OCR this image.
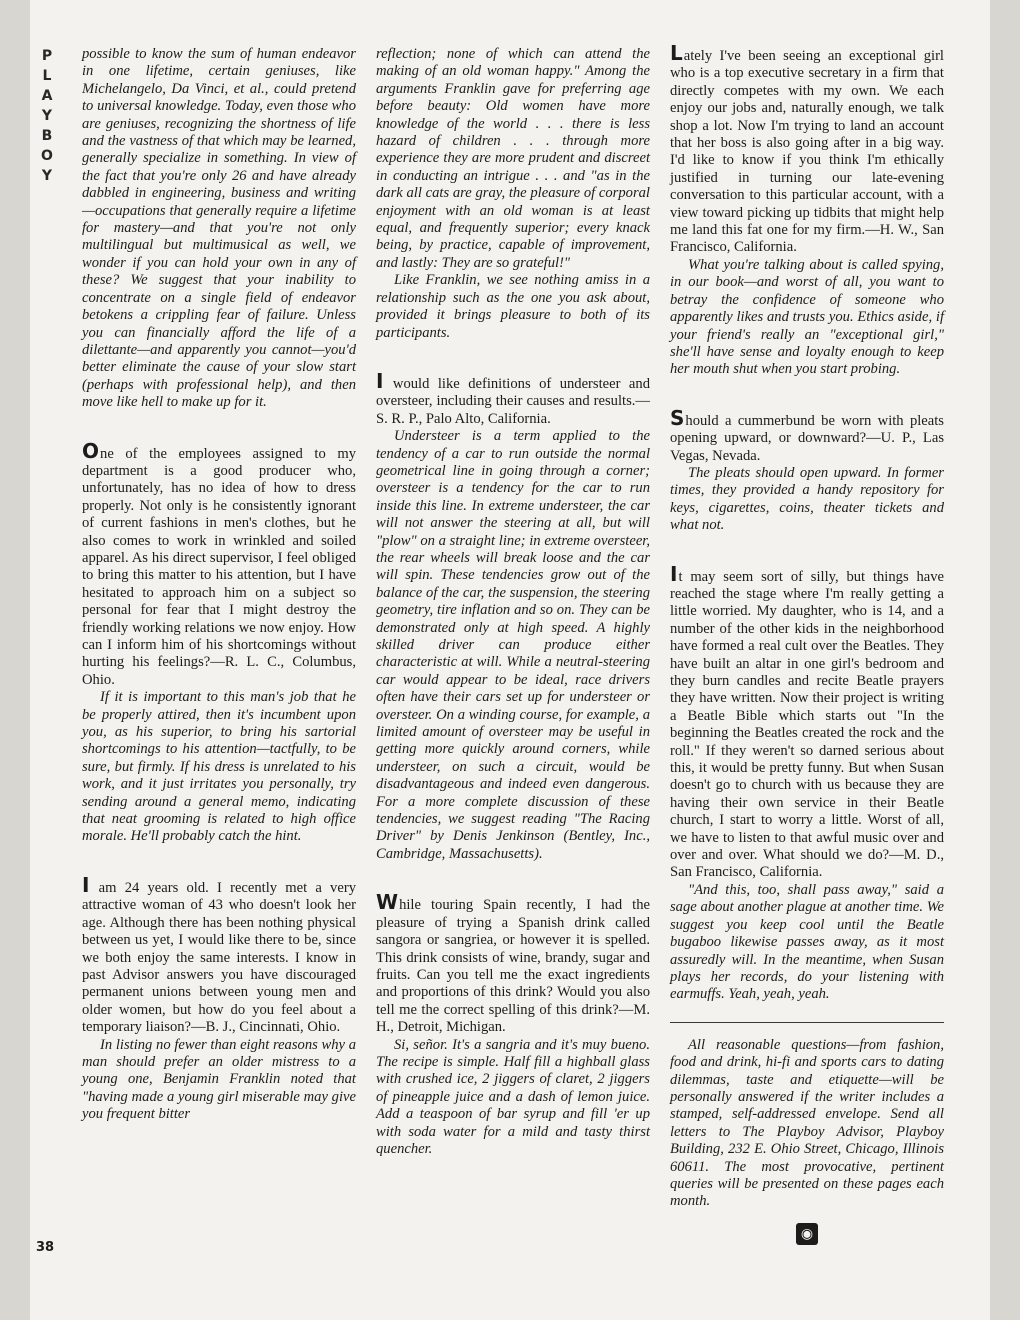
P
L
A
Y
B
O
Y
38

possible to know the sum of human endeavor in one lifetime, certain geniuses, like Michelangelo, Da Vinci, et al., could pretend to universal knowledge. Today, even those who are geniuses, recognizing the shortness of life and the vastness of that which may be learned, generally specialize in something. In view of the fact that you're only 26 and have already dabbled in engineering, business and writing—occupations that generally require a lifetime for mastery—and that you're not only multilingual but multimusical as well, we wonder if you can hold your own in any of these? We suggest that your inability to concentrate on a single field of endeavor betokens a crippling fear of failure. Unless you can financially afford the life of a dilettante—and apparently you cannot—you'd better eliminate the cause of your slow start (perhaps with professional help), and then move like hell to make up for it.

One of the employees assigned to my department is a good producer who, unfortunately, has no idea of how to dress properly. Not only is he consistently ignorant of current fashions in men's clothes, but he also comes to work in wrinkled and soiled apparel. As his direct supervisor, I feel obliged to bring this matter to his attention, but I have hesitated to approach him on a subject so personal for fear that I might destroy the friendly working relations we now enjoy. How can I inform him of his shortcomings without hurting his feelings?—R. L. C., Columbus, Ohio.

If it is important to this man's job that he be properly attired, then it's incumbent upon you, as his superior, to bring his sartorial shortcomings to his attention—tactfully, to be sure, but firmly. If his dress is unrelated to his work, and it just irritates you personally, try sending around a general memo, indicating that neat grooming is related to high office morale. He'll probably catch the hint.

I am 24 years old. I recently met a very attractive woman of 43 who doesn't look her age. Although there has been nothing physical between us yet, I would like there to be, since we both enjoy the same interests. I know in past Advisor answers you have discouraged permanent unions between young men and older women, but how do you feel about a temporary liaison?—B. J., Cincinnati, Ohio.

In listing no fewer than eight reasons why a man should prefer an older mistress to a young one, Benjamin Franklin noted that "having made a young girl miserable may give you frequent bitter

reflection; none of which can attend the making of an old woman happy." Among the arguments Franklin gave for preferring age before beauty: Old women have more knowledge of the world . . . there is less hazard of children . . . through more experience they are more prudent and discreet in conducting an intrigue . . . and "as in the dark all cats are gray, the pleasure of corporal enjoyment with an old woman is at least equal, and frequently superior; every knack being, by practice, capable of improvement, and lastly: They are so grateful!"

Like Franklin, we see nothing amiss in a relationship such as the one you ask about, provided it brings pleasure to both of its participants.

I would like definitions of understeer and oversteer, including their causes and results.—S. R. P., Palo Alto, California.

Understeer is a term applied to the tendency of a car to run outside the normal geometrical line in going through a corner; oversteer is a tendency for the car to run inside this line. In extreme understeer, the car will not answer the steering at all, but will "plow" on a straight line; in extreme oversteer, the rear wheels will break loose and the car will spin. These tendencies grow out of the balance of the car, the suspension, the steering geometry, tire inflation and so on. They can be demonstrated only at high speed. A highly skilled driver can produce either characteristic at will. While a neutral-steering car would appear to be ideal, race drivers often have their cars set up for understeer or oversteer. On a winding course, for example, a limited amount of oversteer may be useful in getting more quickly around corners, while understeer, on such a circuit, would be disadvantageous and indeed even dangerous. For a more complete discussion of these tendencies, we suggest reading "The Racing Driver" by Denis Jenkinson (Bentley, Inc., Cambridge, Massachusetts).

While touring Spain recently, I had the pleasure of trying a Spanish drink called sangora or sangriea, or however it is spelled. This drink consists of wine, brandy, sugar and fruits. Can you tell me the exact ingredients and proportions of this drink? Would you also tell me the correct spelling of this drink?—M. H., Detroit, Michigan.

Si, señor. It's a sangria and it's muy bueno. The recipe is simple. Half fill a highball glass with crushed ice, 2 jiggers of claret, 2 jiggers of pineapple juice and a dash of lemon juice. Add a teaspoon of bar syrup and fill 'er up with soda water for a mild and tasty thirst quencher.

Lately I've been seeing an exceptional girl who is a top executive secretary in a firm that directly competes with my own. We each enjoy our jobs and, naturally enough, we talk shop a lot. Now I'm trying to land an account that her boss is also going after in a big way. I'd like to know if you think I'm ethically justified in turning our late-evening conversation to this particular account, with a view toward picking up tidbits that might help me land this fat one for my firm.—H. W., San Francisco, California.

What you're talking about is called spying, in our book—and worst of all, you want to betray the confidence of someone who apparently likes and trusts you. Ethics aside, if your friend's really an "exceptional girl," she'll have sense and loyalty enough to keep her mouth shut when you start probing.

Should a cummerbund be worn with pleats opening upward, or downward?—U. P., Las Vegas, Nevada.

The pleats should open upward. In former times, they provided a handy repository for keys, cigarettes, coins, theater tickets and what not.

It may seem sort of silly, but things have reached the stage where I'm really getting a little worried. My daughter, who is 14, and a number of the other kids in the neighborhood have formed a real cult over the Beatles. They have built an altar in one girl's bedroom and they burn candles and recite Beatle prayers they have written. Now their project is writing a Beatle Bible which starts out "In the beginning the Beatles created the rock and the roll." If they weren't so darned serious about this, it would be pretty funny. But when Susan doesn't go to church with us because they are having their own service in their Beatle church, I start to worry a little. Worst of all, we have to listen to that awful music over and over and over. What should we do?—M. D., San Francisco, California.

"And this, too, shall pass away," said a sage about another plague at another time. We suggest you keep cool until the Beatle bugaboo likewise passes away, as it most assuredly will. In the meantime, when Susan plays her records, do your listening with earmuffs. Yeah, yeah, yeah.

All reasonable questions—from fashion, food and drink, hi-fi and sports cars to dating dilemmas, taste and etiquette—will be personally answered if the writer includes a stamped, self-addressed envelope. Send all letters to The Playboy Advisor, Playboy Building, 232 E. Ohio Street, Chicago, Illinois 60611. The most provocative, pertinent queries will be presented on these pages each month.

◉
